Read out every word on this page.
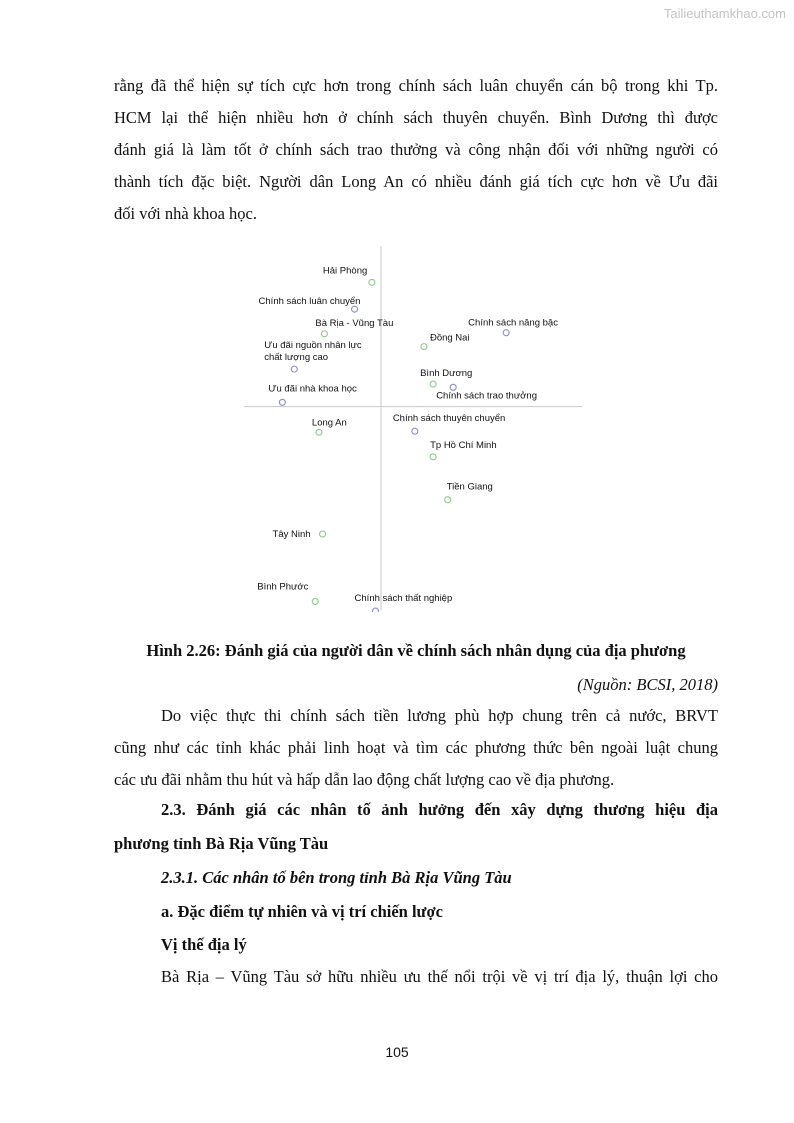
Tailieuthamkhao.com
rằng đã thể hiện sự tích cực hơn trong chính sách luân chuyển cán bộ trong khi Tp.
HCM lại thể hiện nhiều hơn ở chính sách thuyên chuyển. Bình Dương thì được
đánh giá là làm tốt ở chính sách trao thưởng và công nhận đối với những người có
thành tích đặc biệt. Người dân Long An có nhiều đánh giá tích cực hơn về Ưu đãi
đối với nhà khoa học.
Hải Phòng
Bà Rịa - Vũng Tàu
Đồng Nai
Bình Dương
Long An
Tp Hồ Chí Minh
Tiền Giang
Tây Ninh
Bình Phước
Chính sách luân chuyển
Chính sách nâng bậc
Ưu đãi nguồn nhân lực chất lượng cao
Chính sách trao thưởng
Ưu đãi nhà khoa học
Chính sách thuyên chuyển
Chính sách thất nghiệp
Hình 2.26: Đánh giá của người dân về chính sách nhân dụng của địa phương
(Nguồn: BCSI, 2018)
Do việc thực thi chính sách tiền lương phù hợp chung trên cả nước, BRVT
cũng như các tỉnh khác phải linh hoạt và tìm các phương thức bên ngoài luật chung
các ưu đãi nhằm thu hút và hấp dẫn lao động chất lượng cao về địa phương.
2.3. Đánh giá các nhân tố ảnh hưởng đến xây dựng thương hiệu địa
phương tỉnh Bà Rịa Vũng Tàu
2.3.1. Các nhân tố bên trong tỉnh Bà Rịa Vũng Tàu
a. Đặc điểm tự nhiên và vị trí chiến lược
Vị thế địa lý
Bà Rịa – Vũng Tàu sở hữu nhiều ưu thế nổi trội về vị trí địa lý, thuận lợi cho
105
